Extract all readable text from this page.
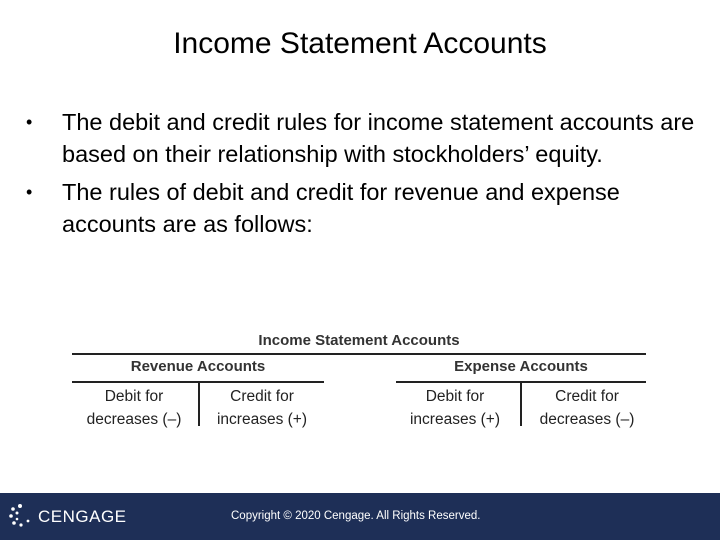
Income Statement Accounts
• The debit and credit rules for income statement accounts are based on their relationship with stockholders’ equity.
• The rules of debit and credit for revenue and expense accounts are as follows:
Income Statement Accounts
Revenue Accounts
Debit for
decreases (–)
Credit for
increases (+)
Expense Accounts
Debit for
increases (+)
Credit for
decreases (–)
CENGAGE	Copyright © 2020 Cengage. All Rights Reserved.
